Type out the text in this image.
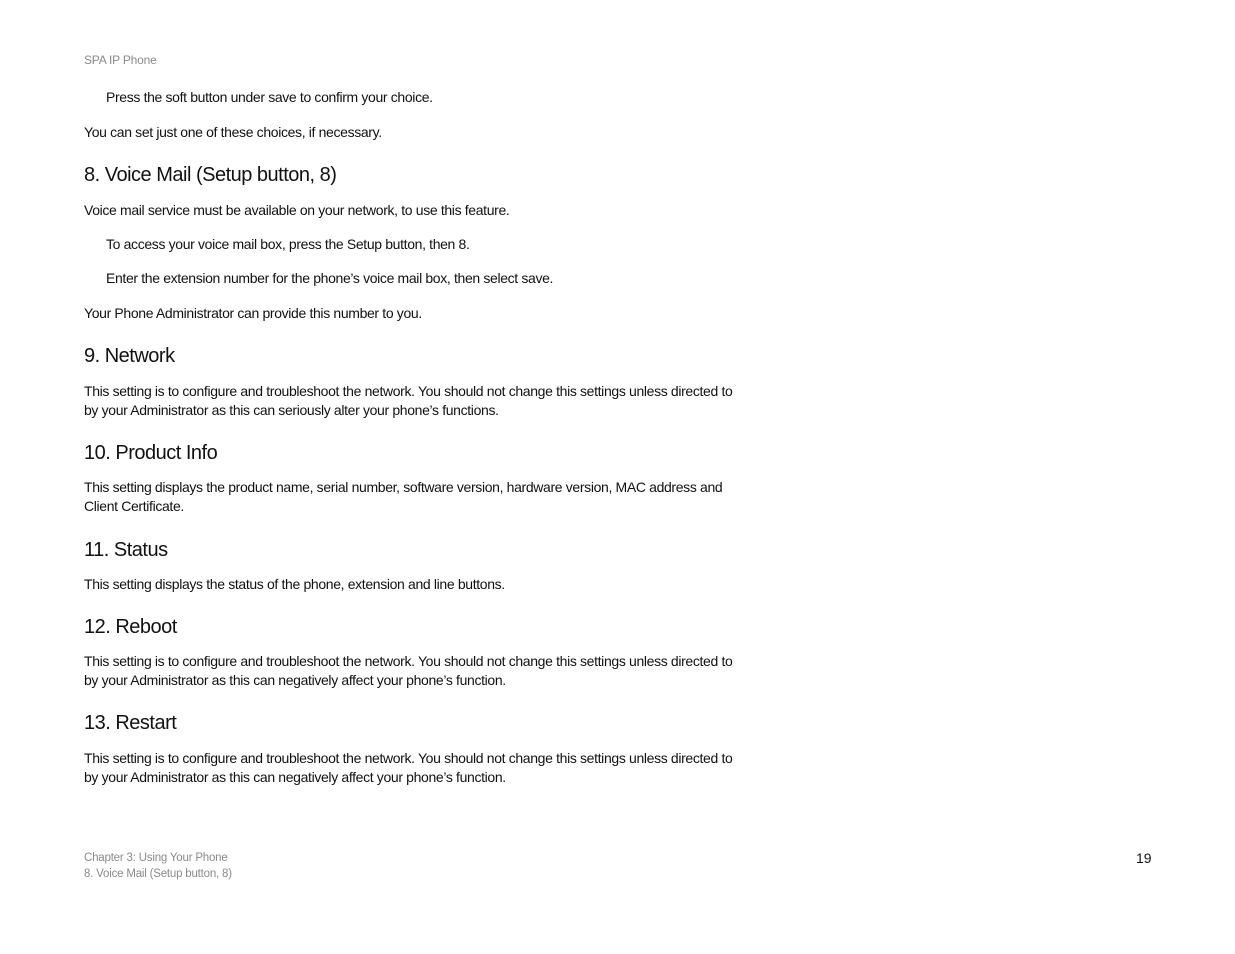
SPA IP Phone

Press the soft button under save to confirm your choice.

You can set just one of these choices, if necessary.

8. Voice Mail (Setup button, 8)

Voice mail service must be available on your network, to use this feature.

To access your voice mail box, press the Setup button, then 8.

Enter the extension number for the phone’s voice mail box, then select save.

Your Phone Administrator can provide this number to you.

9. Network

This setting is to configure and troubleshoot the network. You should not change this settings unless directed to

by your Administrator as this can seriously alter your phone’s functions.

10. Product Info

This setting displays the product name, serial number, software version, hardware version, MAC address and

Client Certificate.

11. Status

This setting displays the status of the phone, extension and line buttons.

12. Reboot

This setting is to configure and troubleshoot the network. You should not change this settings unless directed to

by your Administrator as this can negatively affect your phone’s function.

13. Restart

This setting is to configure and troubleshoot the network. You should not change this settings unless directed to

by your Administrator as this can negatively affect your phone’s function.

Chapter 3: Using Your Phone
8. Voice Mail (Setup button, 8)
19
